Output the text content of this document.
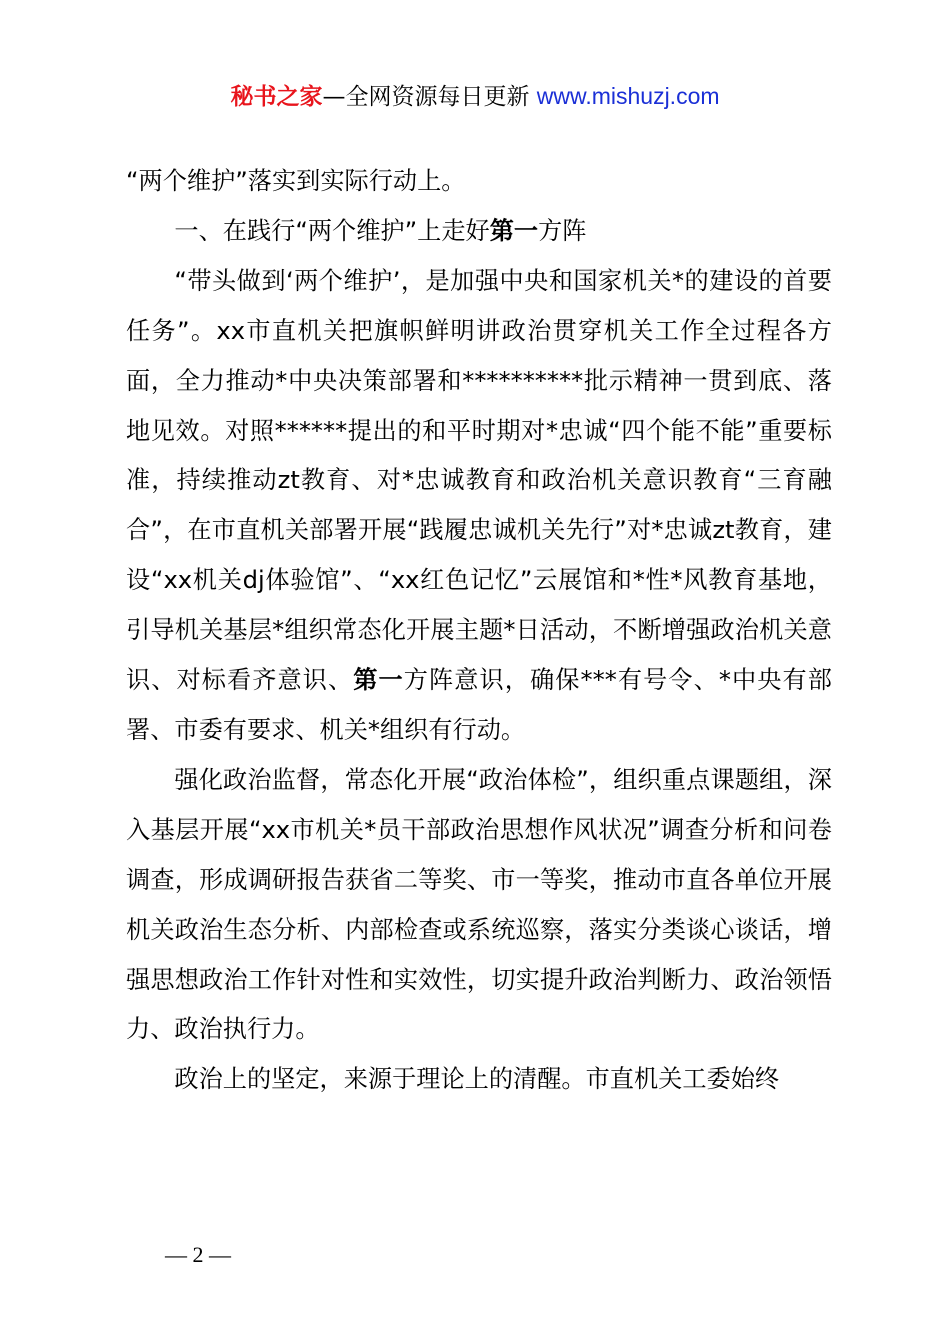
秘书之家—全网资源每日更新 www.mishuzj.com

“两个维护”落实到实际行动上。

一、在践行“两个维护”上走好第一方阵

“带头做到‘两个维护’，是加强中央和国家机关*的建设的首要任务”。xx市直机关把旗帜鲜明讲政治贯穿机关工作全过程各方面，全力推动*中央决策部署和**********批示精神一贯到底、落地见效。对照******提出的和平时期对*忠诚“四个能不能”重要标准，持续推动zt教育、对*忠诚教育和政治机关意识教育“三育融合”，在市直机关部署开展“践履忠诚机关先行”对*忠诚zt教育，建设“xx机关dj体验馆”、“xx红色记忆”云展馆和*性*风教育基地，引导机关基层*组织常态化开展主题*日活动，不断增强政治机关意识、对标看齐意识、第一方阵意识，确保***有号令、*中央有部署、市委有要求、机关*组织有行动。

强化政治监督，常态化开展“政治体检”，组织重点课题组，深入基层开展“xx市机关*员干部政治思想作风状况”调查分析和问卷调查，形成调研报告获省二等奖、市一等奖，推动市直各单位开展机关政治生态分析、内部检查或系统巡察，落实分类谈心谈话，增强思想政治工作针对性和实效性，切实提升政治判断力、政治领悟力、政治执行力。

政治上的坚定，来源于理论上的清醒。市直机关工委始终

— 2 —
